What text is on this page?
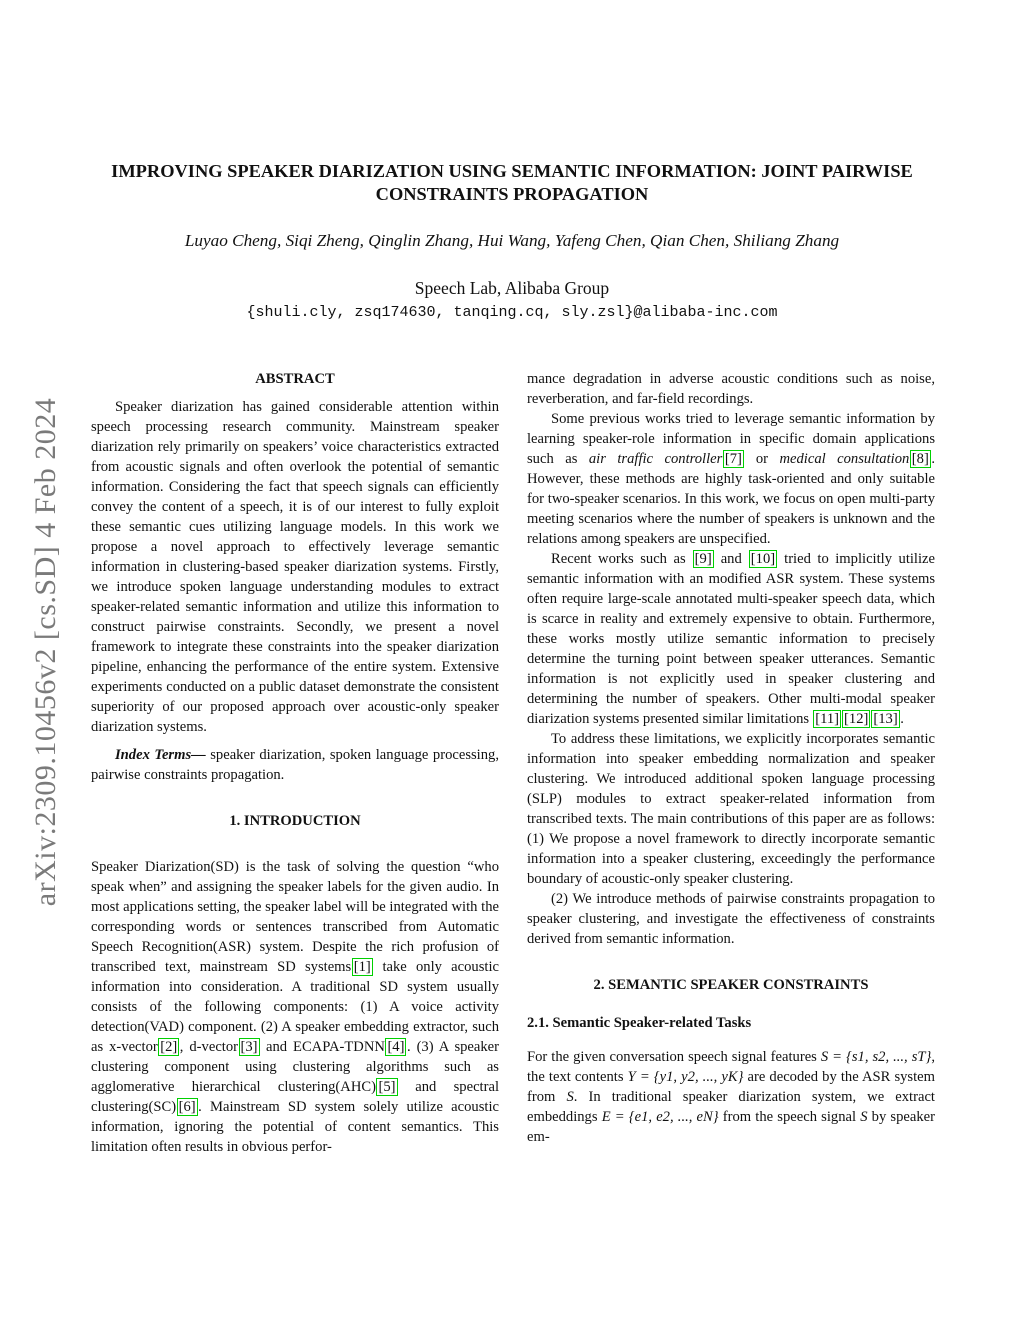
arXiv:2309.10456v2 [cs.SD] 4 Feb 2024
IMPROVING SPEAKER DIARIZATION USING SEMANTIC INFORMATION: JOINT PAIRWISE CONSTRAINTS PROPAGATION
Luyao Cheng, Siqi Zheng, Qinglin Zhang, Hui Wang, Yafeng Chen, Qian Chen, Shiliang Zhang
Speech Lab, Alibaba Group
{shuli.cly, zsq174630, tanqing.cq, sly.zsl}@alibaba-inc.com

ABSTRACT

Speaker diarization has gained considerable attention within speech processing research community. Mainstream speaker diarization rely primarily on speakers’ voice characteristics extracted from acoustic signals and often overlook the potential of semantic information. Considering the fact that speech signals can efficiently convey the content of a speech, it is of our interest to fully exploit these semantic cues utilizing language models. In this work we propose a novel approach to effectively leverage semantic information in clustering-based speaker diarization systems. Firstly, we introduce spoken language understanding modules to extract speaker-related semantic information and utilize this information to construct pairwise constraints. Secondly, we present a novel framework to integrate these constraints into the speaker diarization pipeline, enhancing the performance of the entire system. Extensive experiments conducted on a public dataset demonstrate the consistent superiority of our proposed approach over acoustic-only speaker diarization systems.

Index Terms— speaker diarization, spoken language processing, pairwise constraints propagation.

1. INTRODUCTION

Speaker Diarization(SD) is the task of solving the question “who speak when” and assigning the speaker labels for the given audio. In most applications setting, the speaker label will be integrated with the corresponding words or sentences transcribed from Automatic Speech Recognition(ASR) system. Despite the rich profusion of transcribed text, mainstream SD systems [1] take only acoustic information into consideration. A traditional SD system usually consists of the following components: (1) A voice activity detection(VAD) component. (2) A speaker embedding extractor, such as x-vector [2] , d-vector [3] and ECAPA-TDNN [4] . (3) A speaker clustering component using clustering algorithms such as agglomerative hierarchical clustering(AHC) [5] and spectral clustering(SC) [6] . Mainstream SD system solely utilize acoustic information, ignoring the potential of content semantics. This limitation often results in obvious perfor-

mance degradation in adverse acoustic conditions such as noise, reverberation, and far-field recordings.

Some previous works tried to leverage semantic information by learning speaker-role information in specific domain applications such as air traffic controller [7] or medical consultation [8] . However, these methods are highly task-oriented and only suitable for two-speaker scenarios. In this work, we focus on open multi-party meeting scenarios where the number of speakers is unknown and the relations among speakers are unspecified.

Recent works such as [9] and [10] tried to implicitly utilize semantic information with an modified ASR system. These systems often require large-scale annotated multi-speaker speech data, which is scarce in reality and extremely expensive to obtain. Furthermore, these works mostly utilize semantic information to precisely determine the turning point between speaker utterances. Semantic information is not explicitly used in speaker clustering and determining the number of speakers. Other multi-modal speaker diarization systems presented similar limitations [11] [12] [13] .

To address these limitations, we explicitly incorporates semantic information into speaker embedding normalization and speaker clustering. We introduced additional spoken language processing (SLP) modules to extract speaker-related information from transcribed texts. The main contributions of this paper are as follows: (1) We propose a novel framework to directly incorporate semantic information into a speaker clustering, exceedingly the performance boundary of acoustic-only speaker clustering.

(2) We introduce methods of pairwise constraints propagation to speaker clustering, and investigate the effectiveness of constraints derived from semantic information.

2. SEMANTIC SPEAKER CONSTRAINTS

2.1. Semantic Speaker-related Tasks

For the given conversation speech signal features S = {s1, s2, ..., sT}, the text contents Y = {y1, y2, ..., yK} are decoded by the ASR system from S. In traditional speaker diarization system, we extract embeddings E = {e1, e2, ..., eN} from the speech signal S by speaker em-
